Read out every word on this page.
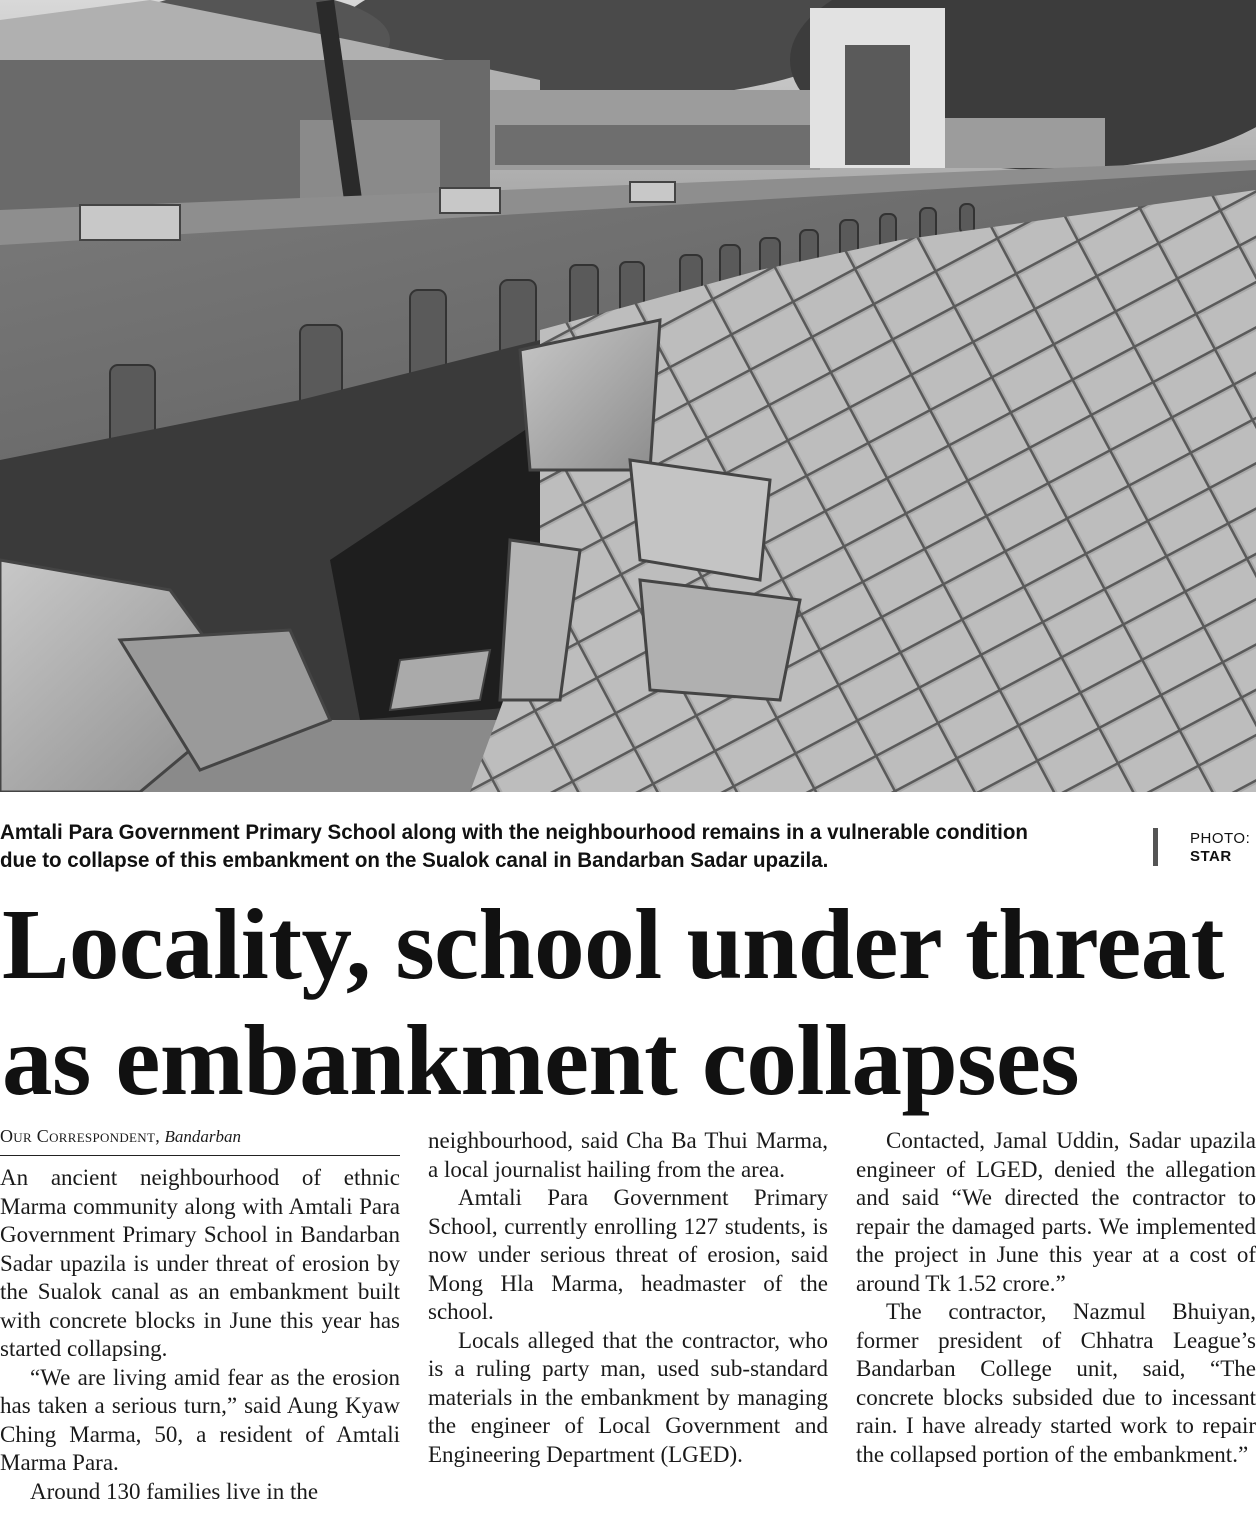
Amtali Para Government Primary School along with the neighbourhood remains in a vulnerable condition due to collapse of this embankment on the Sualok canal in Bandarban Sadar upazila.
PHOTO:
STAR
Locality, school under threat
as embankment collapses
Our Correspondent, Bandarban

An ancient neighbourhood of ethnic Marma community along with Amtali Para Government Primary School in Bandarban Sadar upazila is under threat of erosion by the Sualok canal as an embankment built with concrete blocks in June this year has started collapsing.

“We are living amid fear as the erosion has taken a serious turn,” said Aung Kyaw Ching Marma, 50, a resident of Amtali Marma Para.

Around 130 families live in the

neighbourhood, said Cha Ba Thui Marma, a local journalist hailing from the area.

Amtali Para Government Primary School, currently enrolling 127 students, is now under serious threat of erosion, said Mong Hla Marma, headmaster of the school.

Locals alleged that the contractor, who is a ruling party man, used sub-standard materials in the embankment by managing the engineer of Local Government and Engineering Department (LGED).

Contacted, Jamal Uddin, Sadar upazila engineer of LGED, denied the allegation and said “We directed the contractor to repair the damaged parts. We implemented the project in June this year at a cost of around Tk 1.52 crore.”

The contractor, Nazmul Bhuiyan, former president of Chhatra League’s Bandarban College unit, said, “The concrete blocks subsided due to incessant rain. I have already started work to repair the collapsed portion of the embankment.”
